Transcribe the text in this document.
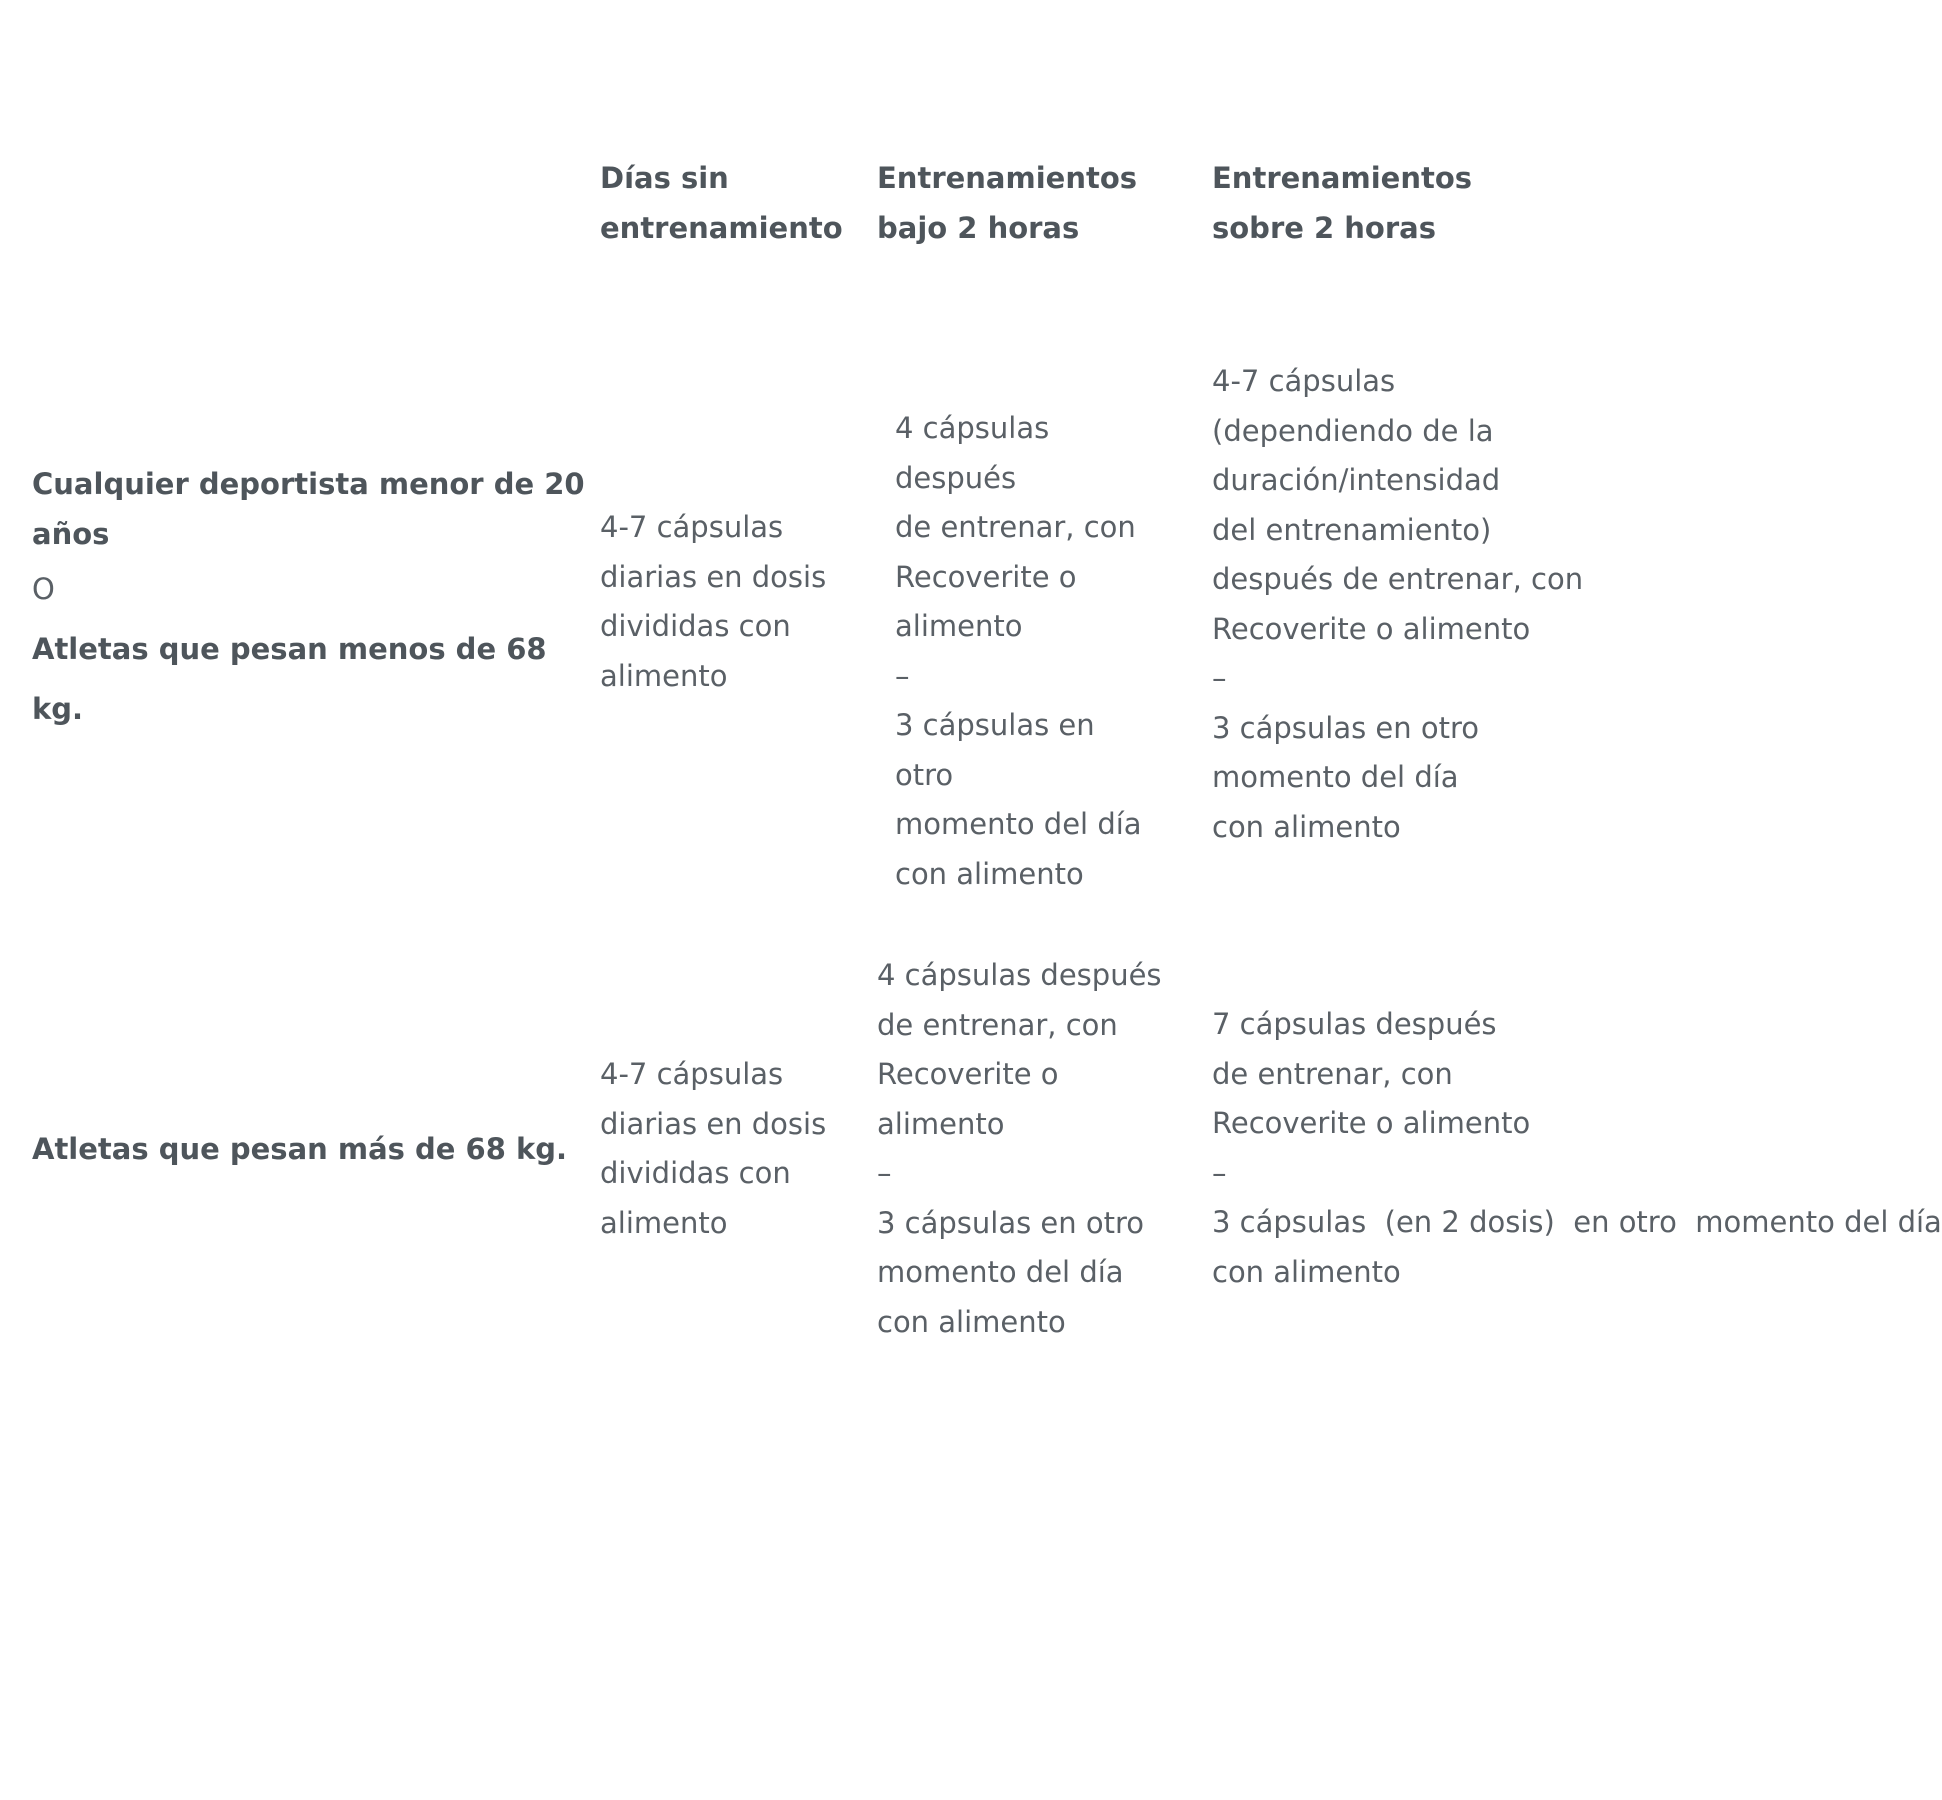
Días sin
entrenamiento
Entrenamientos
bajo 2 horas
Entrenamientos
sobre 2 horas
Cualquier deportista menor de 20
años
O
Atletas que pesan menos de 68
kg.
4-7 cápsulas
diarias en dosis
divididas con
alimento
4 cápsulas
después
de entrenar, con
Recoverite o
alimento
–
3 cápsulas en
otro
momento del día
con alimento
4-7 cápsulas
(dependiendo de la
duración/intensidad
del entrenamiento)
después de entrenar, con
Recoverite o alimento
–
3 cápsulas en otro
momento del día
con alimento
Atletas que pesan más de 68 kg.
4-7 cápsulas
diarias en dosis
divididas con
alimento
4 cápsulas después
de entrenar, con
Recoverite o
alimento
–
3 cápsulas en otro
momento del día
con alimento
7 cápsulas después
de entrenar, con
Recoverite o alimento
–
3 cápsulas  (en 2 dosis)  en otro  momento del día
con alimento
